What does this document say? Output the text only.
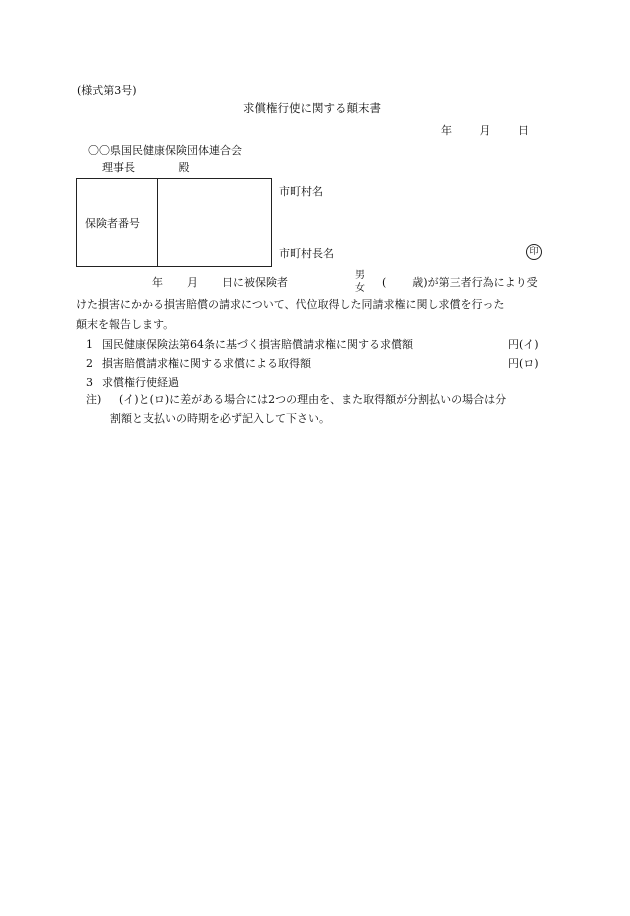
(様式第3号)
求償権行使に関する顛末書
年	月	日
〇〇県国民健康保険団体連合会
理事長	殿
保険者番号
市町村名
市町村長名	印
年 月 日に被保険者
男
女 ( 歳)が第三者行為により受
けた損害にかかる損害賠償の請求について、代位取得した同請求権に関し求償を行った
顛末を報告します。
1 国民健康保険法第64条に基づく損害賠償請求権に関する求償額	円(イ)
2 損害賠償請求権に関する求償による取得額	円(ロ)
3 求償権行使経過
注) (イ)と(ロ)に差がある場合には2つの理由を、また取得額が分割払いの場合は分
割額と支払いの時期を必ず記入して下さい。
